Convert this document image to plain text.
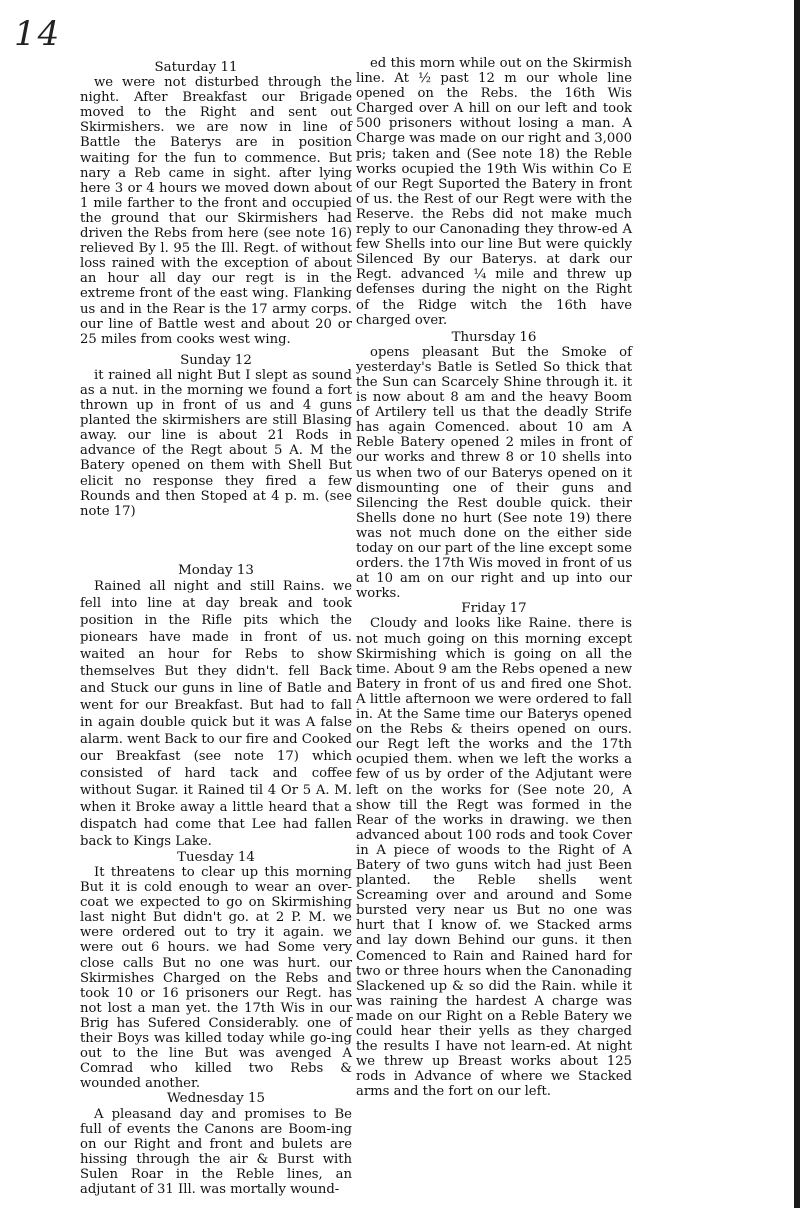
14
Saturday 11

we were not disturbed through the night. After Breakfast our Brigade moved to the Right and sent out Skirmishers. we are now in line of Battle the Baterys are in position waiting for the fun to commence. But nary a Reb came in sight. after lying here 3 or 4 hours we moved down about 1 mile farther to the front and occupied the ground that our Skirmishers had driven the Rebs from here (see note 16) relieved By l. 95 the Ill. Regt. of without loss rained with the exception of about an hour all day our regt is in the extreme front of the east wing. Flanking us and in the Rear is the 17 army corps. our line of Battle west and about 20 or 25 miles from cooks west wing.

Sunday 12

it rained all night But I slept as sound as a nut. in the morning we found a fort thrown up in front of us and 4 guns planted the skirmishers are still Blasing away. our line is about 21 Rods in advance of the Regt about 5 A. M the Batery opened on them with Shell But elicit no response they fired a few Rounds and then Stoped at 4 p. m. (see note 17)

Monday 13

Rained all night and still Rains. we fell into line at day break and took position in the Rifle pits which the pionears have made in front of us. waited an hour for Rebs to show themselves But they didn't. fell Back and Stuck our guns in line of Batle and went for our Breakfast. But had to fall in again double quick but it was A false alarm. went Back to our fire and Cooked our Breakfast (see note 17) which consisted of hard tack and coffee without Sugar. it Rained til 4 Or 5 A. M. when it Broke away a little heard that a dispatch had come that Lee had fallen back to Kings Lake.

Tuesday 14

It threatens to clear up this morning But it is cold enough to wear an over-coat we expected to go on Skirmishing last night But didn't go. at 2 P. M. we were ordered out to try it again. we were out 6 hours. we had Some very close calls But no one was hurt. our Skirmishes Charged on the Rebs and took 10 or 16 prisoners our Regt. has not lost a man yet. the 17th Wis in our Brig has Sufered Considerably. one of their Boys was killed today while go-ing out to the line But was avenged A Comrad who killed two Rebs & wounded another.

Wednesday 15

A pleasand day and promises to Be full of events the Canons are Boom-ing on our Right and front and bulets are hissing through the air & Burst with Sulen Roar in the Reble lines, an adjutant of 31 Ill. was mortally wound-

ed this morn while out on the Skirmish line. At ½ past 12 m our whole line opened on the Rebs. the 16th Wis Charged over A hill on our left and took 500 prisoners without losing a man. A Charge was made on our right and 3,000 pris; taken and (See note 18) the Reble works ocupied the 19th Wis within Co E of our Regt Suported the Batery in front of us. the Rest of our Regt were with the Reserve. the Rebs did not make much reply to our Canonading they throw-ed A few Shells into our line But were quickly Silenced By our Baterys. at dark our Regt. advanced ¼ mile and threw up defenses during the night on the Right of the Ridge witch the 16th have charged over.

Thursday 16

opens pleasant But the Smoke of yesterday's Batle is Setled So thick that the Sun can Scarcely Shine through it. it is now about 8 am and the heavy Boom of Artilery tell us that the deadly Strife has again Comenced. about 10 am A Reble Batery opened 2 miles in front of our works and threw 8 or 10 shells into us when two of our Baterys opened on it dismounting one of their guns and Silencing the Rest double quick. their Shells done no hurt (See note 19) there was not much done on the either side today on our part of the line except some orders. the 17th Wis moved in front of us at 10 am on our right and up into our works.

Friday 17

Cloudy and looks like Raine. there is not much going on this morning except Skirmishing which is going on all the time. About 9 am the Rebs opened a new Batery in front of us and fired one Shot. A little afternoon we were ordered to fall in. At the Same time our Baterys opened on the Rebs & theirs opened on ours. our Regt left the works and the 17th ocupied them. when we left the works a few of us by order of the Adjutant were left on the works for (See note 20, A show till the Regt was formed in the Rear of the works in drawing. we then advanced about 100 rods and took Cover in A piece of woods to the Right of A Batery of two guns witch had just Been planted. the Reble shells went Screaming over and around and Some bursted very near us But no one was hurt that I know of. we Stacked arms and lay down Behind our guns. it then Comenced to Rain and Rained hard for two or three hours when the Canonading Slackened up & so did the Rain. while it was raining the hardest A charge was made on our Right on a Reble Batery we could hear their yells as they charged the results I have not learn-ed. At night we threw up Breast works about 125 rods in Advance of where we Stacked arms and the fort on our left.
